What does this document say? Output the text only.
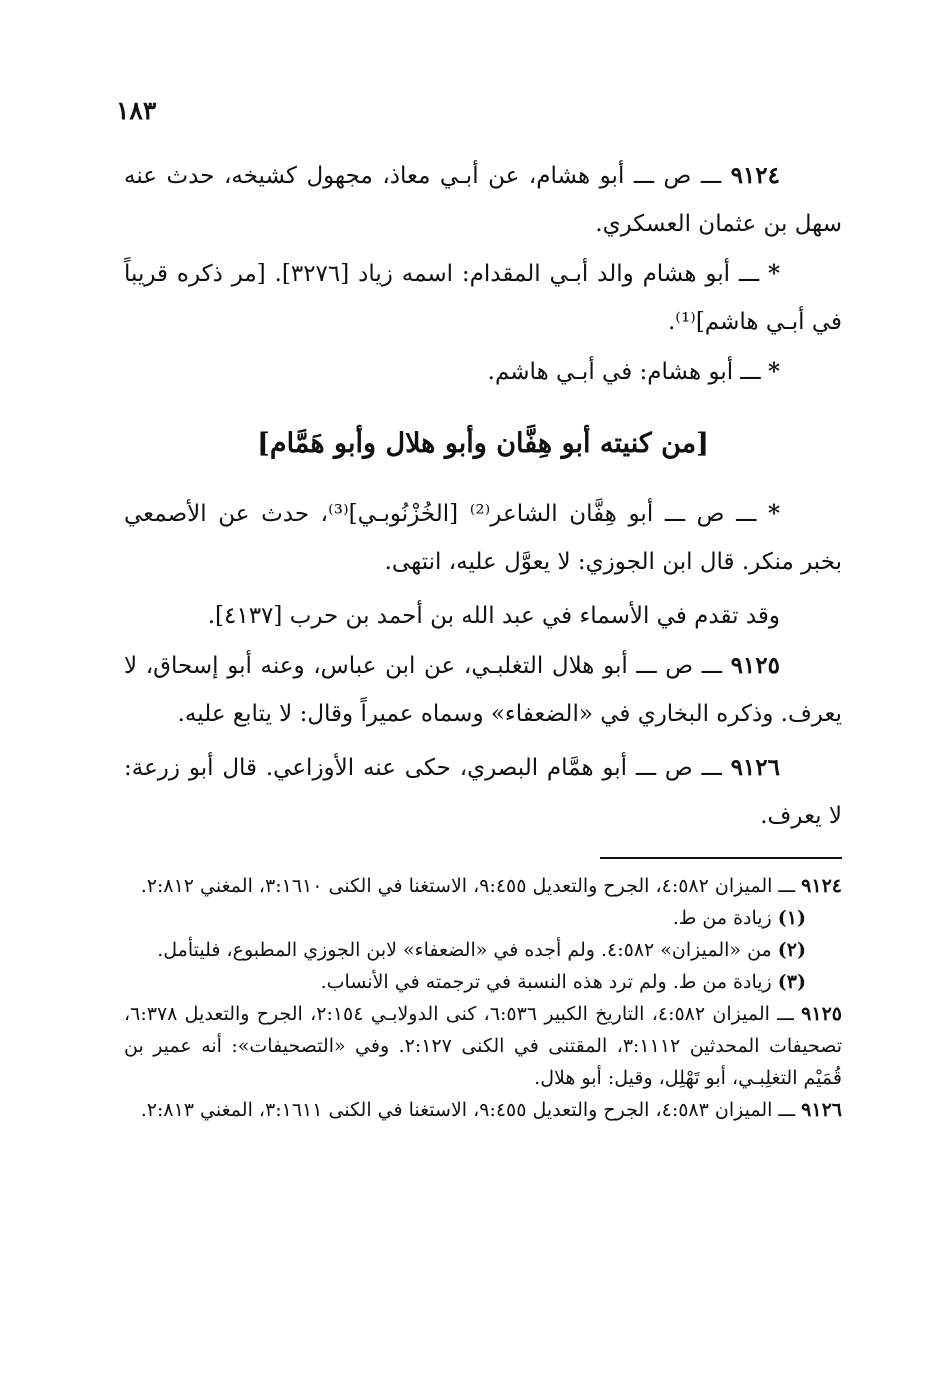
١٨٣

٩١٢٤ ـــ ص ـــ أبو هشام، عن أبـي معاذ، مجهول كشيخه، حدث عنه سهل بن عثمان العسكري.

* ـــ أبو هشام والد أبـي المقدام: اسمه زياد [٣٢٧٦]. [مر ذكره قريباً في أبـي هاشم]⁽¹⁾.

* ـــ أبو هشام: في أبـي هاشم.

[من كنيته أبو هِفَّان وأبو هلال وأبو هَمَّام]

* ـــ ص ـــ أبو هِفَّان الشاعر⁽²⁾ [الخُزْنُوبـي]⁽³⁾، حدث عن الأصمعي بخبر منكر. قال ابن الجوزي: لا يعوَّل عليه، انتهى.

وقد تقدم في الأسماء في عبد الله بن أحمد بن حرب [٤١٣٧].

٩١٢٥ ـــ ص ـــ أبو هلال التغلبـي، عن ابن عباس، وعنه أبو إسحاق، لا يعرف. وذكره البخاري في «الضعفاء» وسماه عميراً وقال: لا يتابع عليه.

٩١٢٦ ـــ ص ـــ أبو همَّام البصري، حكى عنه الأوزاعي. قال أبو زرعة: لا يعرف.

٩١٢٤ ـــ الميزان ٤:٥٨٢، الجرح والتعديل ٩:٤٥٥، الاستغنا في الكنى ٣:١٦١٠، المغني ٢:٨١٢.

(١) زيادة من ط.

(٢) من «الميزان» ٤:٥٨٢. ولم أجده في «الضعفاء» لابن الجوزي المطبوع، فليتأمل.

(٣) زيادة من ط. ولم ترد هذه النسبة في ترجمته في الأنساب.

٩١٢٥ ـــ الميزان ٤:٥٨٢، التاريخ الكبير ٦:٥٣٦، كنى الدولابـي ٢:١٥٤، الجرح والتعديل ٦:٣٧٨، تصحيفات المحدثين ٣:١١١٢، المقتنى في الكنى ٢:١٢٧. وفي «التصحيفات»: أنه عمير بن قُمَيْم التغلِبـي، أبو تَهْلِل، وقيل: أبو هلال.

٩١٢٦ ـــ الميزان ٤:٥٨٣، الجرح والتعديل ٩:٤٥٥، الاستغنا في الكنى ٣:١٦١١، المغني ٢:٨١٣.
